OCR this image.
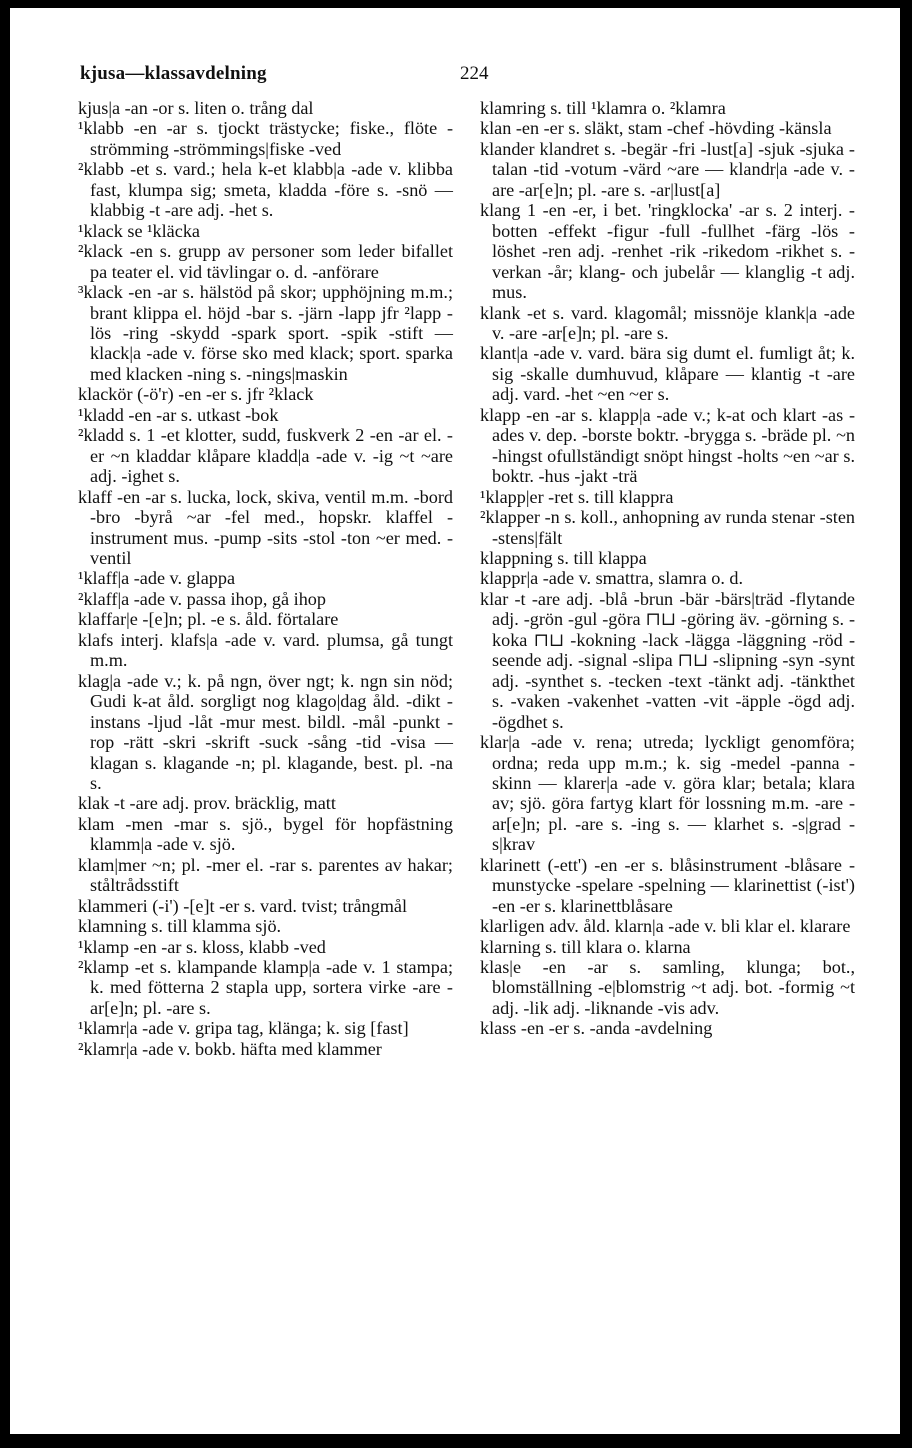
kjusa—klassavdelning	224

kjus|a -an -or s. liten o. trång dal

¹klabb -en -ar s. tjockt trästycke; fiske., flöte -strömming -strömmings|fiske -ved

²klabb -et s. vard.; hela k-et klabb|a -ade v. klibba fast, klumpa sig; smeta, kladda -före s. -snö — klabbig -t -are adj. -het s.

¹klack se ¹kläcka

²klack -en s. grupp av personer som leder bifallet pa teater el. vid tävlingar o. d. -anförare

³klack -en -ar s. hälstöd på skor; upphöjning m.m.; brant klippa el. höjd -bar s. -järn -lapp jfr ²lapp -lös -ring -skydd -spark sport. -spik -stift — klack|a -ade v. förse sko med klack; sport. sparka med klacken -ning s. -nings|maskin

klackör (-ö'r) -en -er s. jfr ²klack

¹kladd -en -ar s. utkast -bok

²kladd s. 1 -et klotter, sudd, fuskverk 2 -en -ar el. -er ~n kladdar klåpare kladd|a -ade v. -ig ~t ~are adj. -ighet s.

klaff -en -ar s. lucka, lock, skiva, ventil m.m. -bord -bro -byrå ~ar -fel med., hopskr. klaffel -instrument mus. -pump -sits -stol -ton ~er med. -ventil

¹klaff|a -ade v. glappa

²klaff|a -ade v. passa ihop, gå ihop

klaffar|e -[e]n; pl. -e s. åld. förtalare

klafs interj. klafs|a -ade v. vard. plumsa, gå tungt m.m.

klag|a -ade v.; k. på ngn, över ngt; k. ngn sin nöd; Gudi k-at åld. sorgligt nog klago|dag åld. -dikt -instans -ljud -låt -mur mest. bildl. -mål -punkt -rop -rätt -skri -skrift -suck -sång -tid -visa — klagan s. klagande -n; pl. klagande, best. pl. -na s.

klak -t -are adj. prov. bräcklig, matt

klam -men -mar s. sjö., bygel för hopfästning klamm|a -ade v. sjö.

klam|mer ~n; pl. -mer el. -rar s. parentes av hakar; ståltrådsstift

klammeri (-i') -[e]t -er s. vard. tvist; trångmål

klamning s. till klamma sjö.

¹klamp -en -ar s. kloss, klabb -ved

²klamp -et s. klampande klamp|a -ade v. 1 stampa; k. med fötterna 2 stapla upp, sortera virke -are -ar[e]n; pl. -are s.

¹klamr|a -ade v. gripa tag, klänga; k. sig [fast]

²klamr|a -ade v. bokb. häfta med klammer

klamring s. till ¹klamra o. ²klamra

klan -en -er s. släkt, stam -chef -hövding -känsla

klander klandret s. -begär -fri -lust[a] -sjuk -sjuka -talan -tid -votum -värd ~are — klandr|a -ade v. -are -ar[e]n; pl. -are s. -ar|lust[a]

klang 1 -en -er, i bet. 'ringklocka' -ar s. 2 interj. -botten -effekt -figur -full -fullhet -färg -lös -löshet -ren adj. -renhet -rik -rikedom -rikhet s. -verkan -år; klang- och jubelår — klanglig -t adj. mus.

klank -et s. vard. klagomål; missnöje klank|a -ade v. -are -ar[e]n; pl. -are s.

klant|a -ade v. vard. bära sig dumt el. fumligt åt; k. sig -skalle dumhuvud, klåpare — klantig -t -are adj. vard. -het ~en ~er s.

klapp -en -ar s. klapp|a -ade v.; k-at och klart -as -ades v. dep. -borste boktr. -brygga s. -bräde pl. ~n -hingst ofullständigt snöpt hingst -holts ~en ~ar s. boktr. -hus -jakt -trä

¹klapp|er -ret s. till klappra

²klapper -n s. koll., anhopning av runda stenar -sten -stens|fält

klappning s. till klappa

klappr|a -ade v. smattra, slamra o. d.

klar -t -are adj. -blå -brun -bär -bärs|träd -flytande adj. -grön -gul -göra ⊓⊔ -göring äv. -görning s. -koka ⊓⊔ -kokning -lack -lägga -läggning -röd -seende adj. -signal -slipa ⊓⊔ -slipning -syn -synt adj. -synthet s. -tecken -text -tänkt adj. -tänkthet s. -vaken -vakenhet -vatten -vit -äpple -ögd adj. -ögdhet s.

klar|a -ade v. rena; utreda; lyckligt genomföra; ordna; reda upp m.m.; k. sig -medel -panna -skinn — klarer|a -ade v. göra klar; betala; klara av; sjö. göra fartyg klart för lossning m.m. -are -ar[e]n; pl. -are s. -ing s. — klarhet s. -s|grad -s|krav

klarinett (-ett') -en -er s. blåsinstrument -blåsare -munstycke -spelare -spelning — klarinettist (-ist') -en -er s. klarinettblåsare

klarligen adv. åld. klarn|a -ade v. bli klar el. klarare

klarning s. till klara o. klarna

klas|e -en -ar s. samling, klunga; bot., blomställning -e|blomstrig ~t adj. bot. -formig ~t adj. -lik adj. -liknande -vis adv.

klass -en -er s. -anda -avdelning
